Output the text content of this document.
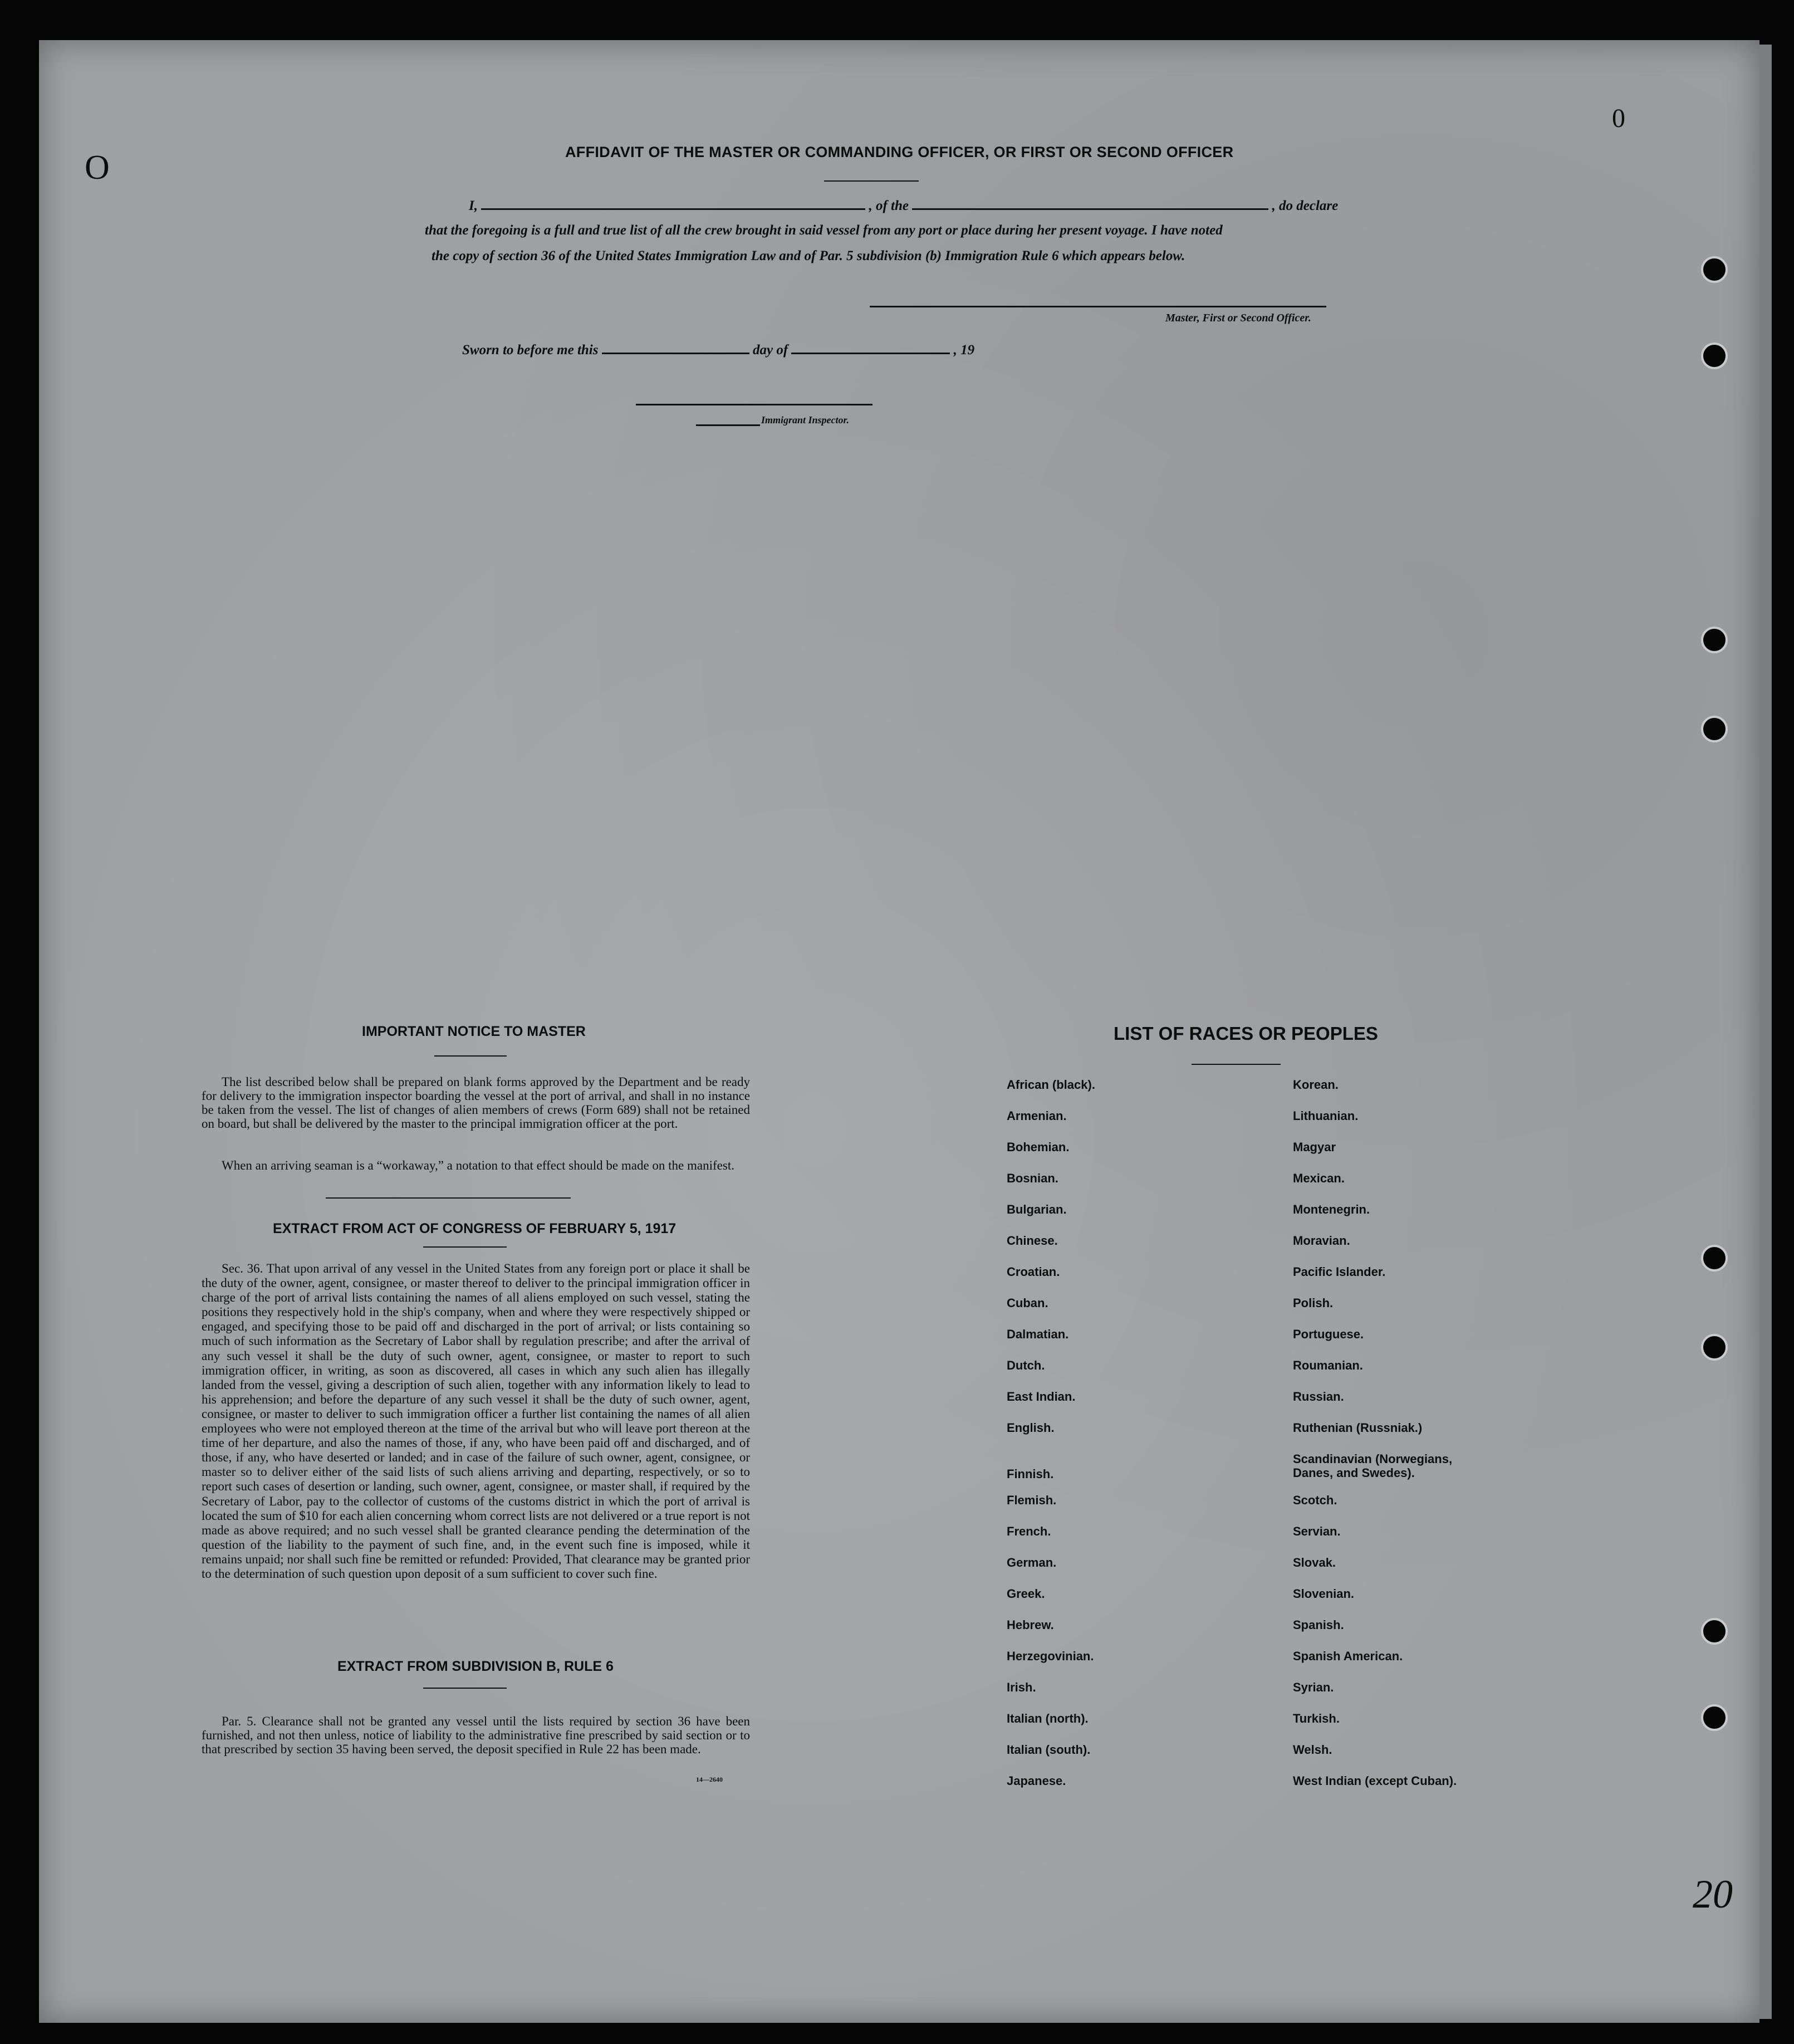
O
0
20
AFFIDAVIT OF THE MASTER OR COMMANDING OFFICER, OR FIRST OR SECOND OFFICER
I,	, of the	, do declare
that the foregoing is a full and true list of all the crew brought in said vessel from any port or place during her present voyage. I have noted
the copy of section 36 of the United States Immigration Law and of Par. 5 subdivision (b) Immigration Rule 6 which appears below.
Master, First or Second Officer.
Sworn to before me this	day of	, 19
Immigrant Inspector.
IMPORTANT NOTICE TO MASTER

The list described below shall be prepared on blank forms approved by the Department and be ready for delivery to the immigration inspector boarding the vessel at the port of arrival, and shall in no instance be taken from the vessel. The list of changes of alien members of crews (Form 689) shall not be retained on board, but shall be delivered by the master to the principal immigration officer at the port.

When an arriving seaman is a “workaway,” a notation to that effect should be made on the manifest.

EXTRACT FROM ACT OF CONGRESS OF FEBRUARY 5, 1917

Sec. 36. That upon arrival of any vessel in the United States from any foreign port or place it shall be the duty of the owner, agent, consignee, or master thereof to deliver to the principal immigration officer in charge of the port of arrival lists containing the names of all aliens employed on such vessel, stating the positions they respectively hold in the ship's company, when and where they were respectively shipped or engaged, and specifying those to be paid off and discharged in the port of arrival; or lists containing so much of such information as the Secretary of Labor shall by regulation prescribe; and after the arrival of any such vessel it shall be the duty of such owner, agent, consignee, or master to report to such immigration officer, in writing, as soon as discovered, all cases in which any such alien has illegally landed from the vessel, giving a description of such alien, together with any information likely to lead to his apprehension; and before the departure of any such vessel it shall be the duty of such owner, agent, consignee, or master to deliver to such immigration officer a further list containing the names of all alien employees who were not employed thereon at the time of the arrival but who will leave port thereon at the time of her departure, and also the names of those, if any, who have been paid off and discharged, and of those, if any, who have deserted or landed; and in case of the failure of such owner, agent, consignee, or master so to deliver either of the said lists of such aliens arriving and departing, respectively, or so to report such cases of desertion or landing, such owner, agent, consignee, or master shall, if required by the Secretary of Labor, pay to the collector of customs of the customs district in which the port of arrival is located the sum of $10 for each alien concerning whom correct lists are not delivered or a true report is not made as above required; and no such vessel shall be granted clearance pending the determination of the question of the liability to the payment of such fine, and, in the event such fine is imposed, while it remains unpaid; nor shall such fine be remitted or refunded: Provided, That clearance may be granted prior to the determination of such question upon deposit of a sum sufficient to cover such fine.

EXTRACT FROM SUBDIVISION B, RULE 6

Par. 5. Clearance shall not be granted any vessel until the lists required by section 36 have been furnished, and not then unless, notice of liability to the administrative fine prescribed by said section or to that prescribed by section 35 having been served, the deposit specified in Rule 22 has been made.

14—2640
LIST OF RACES OR PEOPLES
African (black).
Armenian.
Bohemian.
Bosnian.
Bulgarian.
Chinese.
Croatian.
Cuban.
Dalmatian.
Dutch.
East Indian.
English.
Finnish.
Flemish.
French.
German.
Greek.
Hebrew.
Herzegovinian.
Irish.
Italian (north).
Italian (south).
Japanese.
Korean.
Lithuanian.
Magyar
Mexican.
Montenegrin.
Moravian.
Pacific Islander.
Polish.
Portuguese.
Roumanian.
Russian.
Ruthenian (Russniak.)
Scandinavian (Norwegians,
Danes, and Swedes).
Scotch.
Servian.
Slovak.
Slovenian.
Spanish.
Spanish American.
Syrian.
Turkish.
Welsh.
West Indian (except Cuban).
